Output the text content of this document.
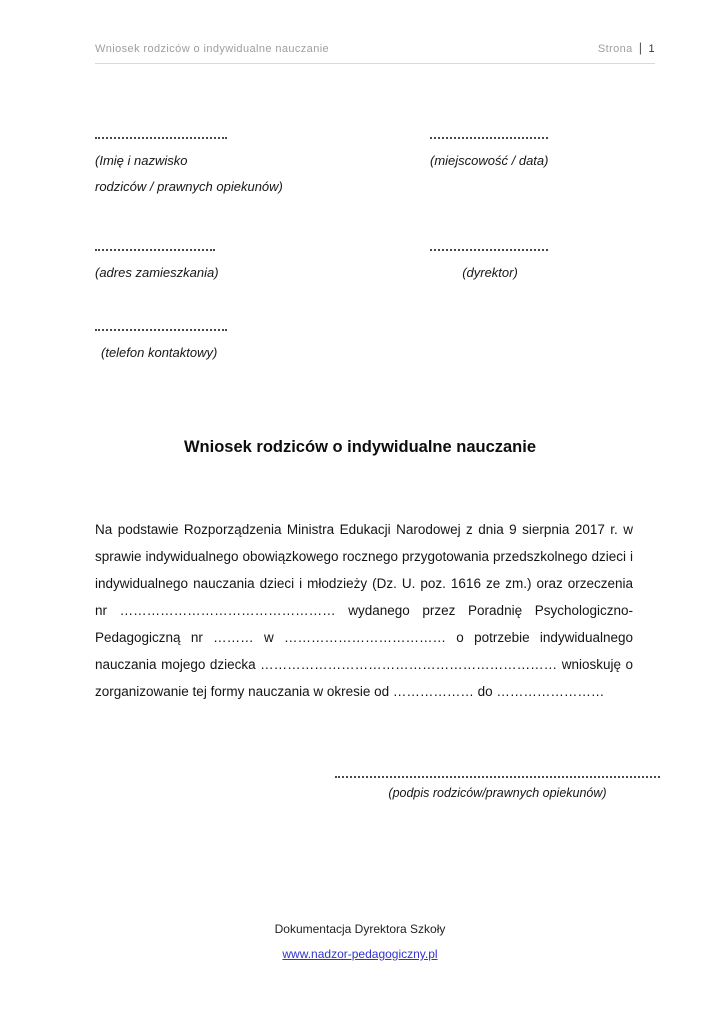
Wniosek rodziców o indywidualne nauczanie	Strona | 1
(Imię i nazwisko
rodziców / prawnych opiekunów)
(miejscowość / data)
(adres zamieszkania)	(dyrektor)
(telefon kontaktowy)
Wniosek rodziców o indywidualne nauczanie
Na podstawie Rozporządzenia Ministra Edukacji Narodowej z dnia 9 sierpnia 2017 r. w sprawie indywidualnego obowiązkowego rocznego przygotowania przedszkolnego dzieci i indywidualnego nauczania dzieci i młodzieży (Dz. U. poz. 1616 ze zm.) oraz orzeczenia nr ………………………………………… wydanego przez Poradnię Psychologiczno-Pedagogiczną nr ……… w ……………………………… o potrzebie indywidualnego nauczania mojego dziecka ………………………………………………………… wnioskuję o zorganizowanie tej formy nauczania w okresie od ……………… do ……………………
(podpis rodziców/prawnych opiekunów)
Dokumentacja Dyrektora Szkoły
www.nadzor-pedagogiczny.pl
